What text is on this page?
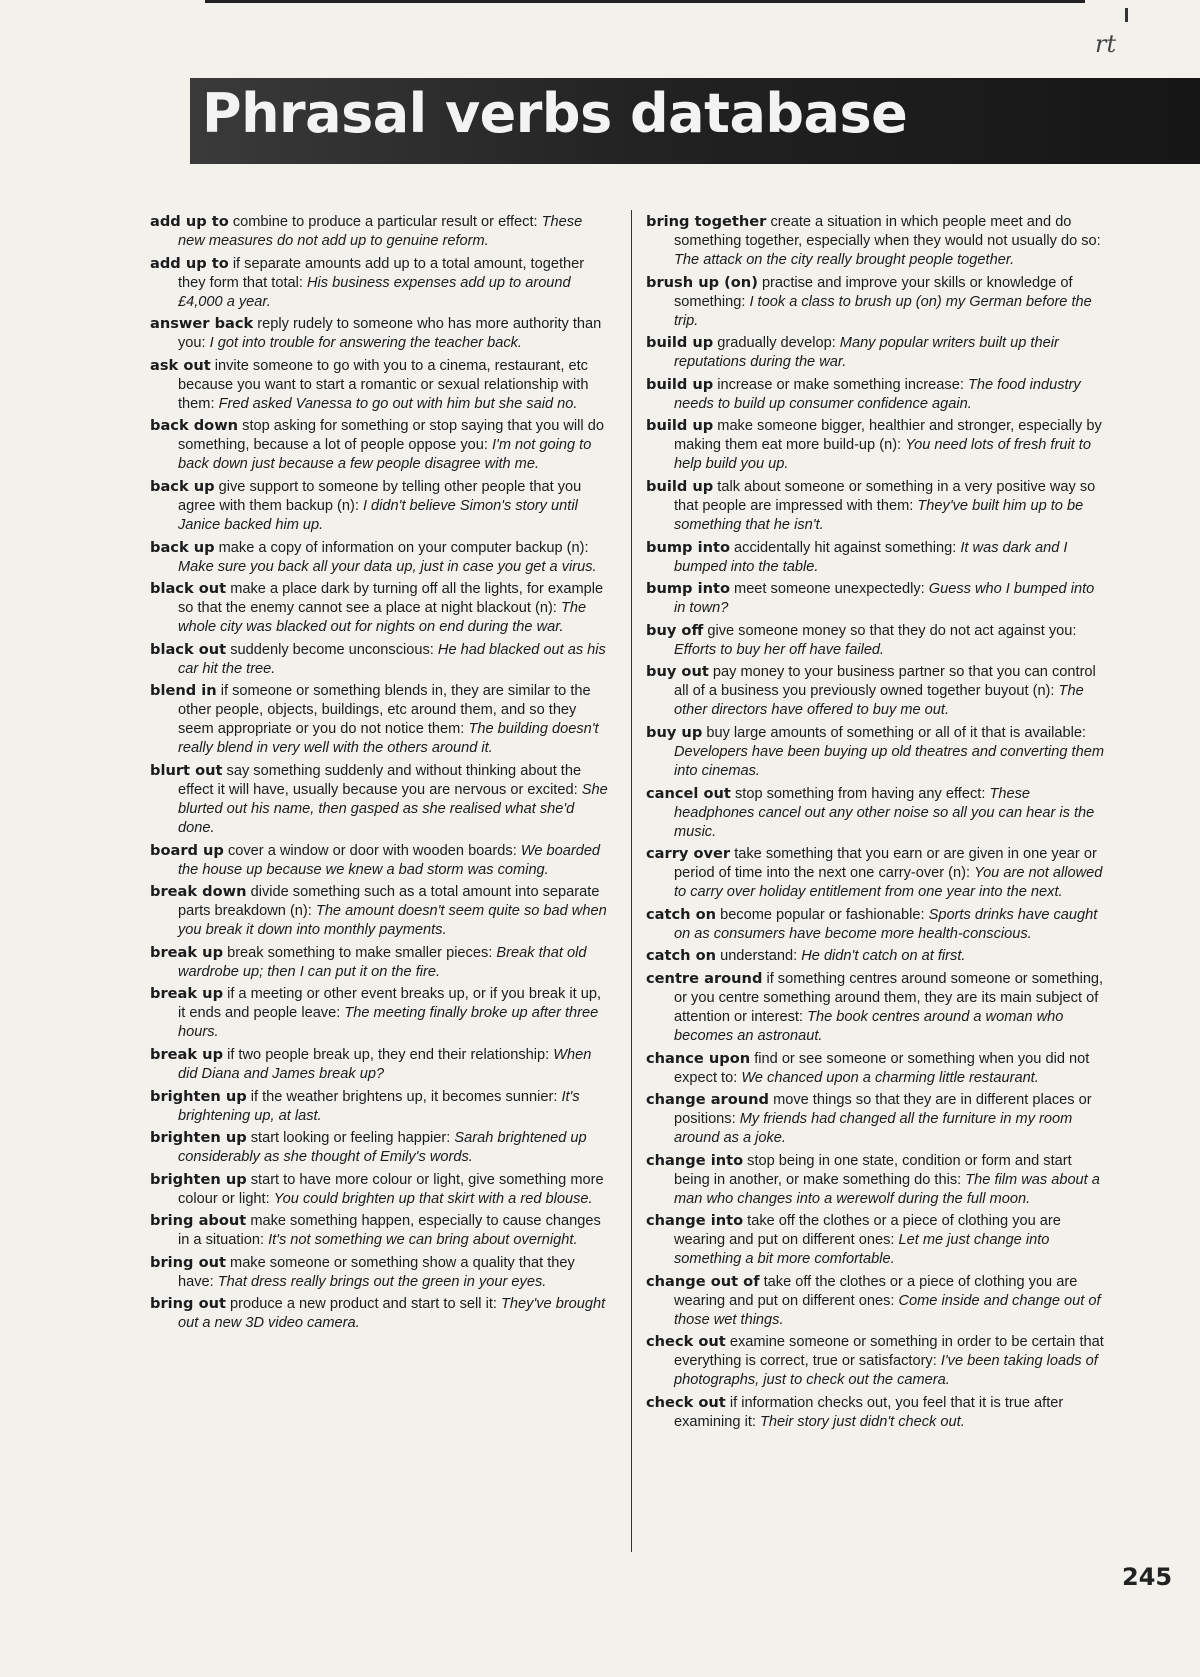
rt
Phrasal verbs database

add up to combine to produce a particular result or effect: These new measures do not add up to genuine reform.

add up to if separate amounts add up to a total amount, together they form that total: His business expenses add up to around £4,000 a year.

answer back reply rudely to someone who has more authority than you: I got into trouble for answering the teacher back.

ask out invite someone to go with you to a cinema, restaurant, etc because you want to start a romantic or sexual relationship with them: Fred asked Vanessa to go out with him but she said no.

back down stop asking for something or stop saying that you will do something, because a lot of people oppose you: I'm not going to back down just because a few people disagree with me.

back up give support to someone by telling other people that you agree with them backup (n): I didn't believe Simon's story until Janice backed him up.

back up make a copy of information on your computer backup (n): Make sure you back all your data up, just in case you get a virus.

black out make a place dark by turning off all the lights, for example so that the enemy cannot see a place at night blackout (n): The whole city was blacked out for nights on end during the war.

black out suddenly become unconscious: He had blacked out as his car hit the tree.

blend in if someone or something blends in, they are similar to the other people, objects, buildings, etc around them, and so they seem appropriate or you do not notice them: The building doesn't really blend in very well with the others around it.

blurt out say something suddenly and without thinking about the effect it will have, usually because you are nervous or excited: She blurted out his name, then gasped as she realised what she'd done.

board up cover a window or door with wooden boards: We boarded the house up because we knew a bad storm was coming.

break down divide something such as a total amount into separate parts breakdown (n): The amount doesn't seem quite so bad when you break it down into monthly payments.

break up break something to make smaller pieces: Break that old wardrobe up; then I can put it on the fire.

break up if a meeting or other event breaks up, or if you break it up, it ends and people leave: The meeting finally broke up after three hours.

break up if two people break up, they end their relationship: When did Diana and James break up?

brighten up if the weather brightens up, it becomes sunnier: It's brightening up, at last.

brighten up start looking or feeling happier: Sarah brightened up considerably as she thought of Emily's words.

brighten up start to have more colour or light, give something more colour or light: You could brighten up that skirt with a red blouse.

bring about make something happen, especially to cause changes in a situation: It's not something we can bring about overnight.

bring out make someone or something show a quality that they have: That dress really brings out the green in your eyes.

bring out produce a new product and start to sell it: They've brought out a new 3D video camera.

bring together create a situation in which people meet and do something together, especially when they would not usually do so: The attack on the city really brought people together.

brush up (on) practise and improve your skills or knowledge of something: I took a class to brush up (on) my German before the trip.

build up gradually develop: Many popular writers built up their reputations during the war.

build up increase or make something increase: The food industry needs to build up consumer confidence again.

build up make someone bigger, healthier and stronger, especially by making them eat more build-up (n): You need lots of fresh fruit to help build you up.

build up talk about someone or something in a very positive way so that people are impressed with them: They've built him up to be something that he isn't.

bump into accidentally hit against something: It was dark and I bumped into the table.

bump into meet someone unexpectedly: Guess who I bumped into in town?

buy off give someone money so that they do not act against you: Efforts to buy her off have failed.

buy out pay money to your business partner so that you can control all of a business you previously owned together buyout (n): The other directors have offered to buy me out.

buy up buy large amounts of something or all of it that is available: Developers have been buying up old theatres and converting them into cinemas.

cancel out stop something from having any effect: These headphones cancel out any other noise so all you can hear is the music.

carry over take something that you earn or are given in one year or period of time into the next one carry-over (n): You are not allowed to carry over holiday entitlement from one year into the next.

catch on become popular or fashionable: Sports drinks have caught on as consumers have become more health-conscious.

catch on understand: He didn't catch on at first.

centre around if something centres around someone or something, or you centre something around them, they are its main subject of attention or interest: The book centres around a woman who becomes an astronaut.

chance upon find or see someone or something when you did not expect to: We chanced upon a charming little restaurant.

change around move things so that they are in different places or positions: My friends had changed all the furniture in my room around as a joke.

change into stop being in one state, condition or form and start being in another, or make something do this: The film was about a man who changes into a werewolf during the full moon.

change into take off the clothes or a piece of clothing you are wearing and put on different ones: Let me just change into something a bit more comfortable.

change out of take off the clothes or a piece of clothing you are wearing and put on different ones: Come inside and change out of those wet things.

check out examine someone or something in order to be certain that everything is correct, true or satisfactory: I've been taking loads of photographs, just to check out the camera.

check out if information checks out, you feel that it is true after examining it: Their story just didn't check out.

245
